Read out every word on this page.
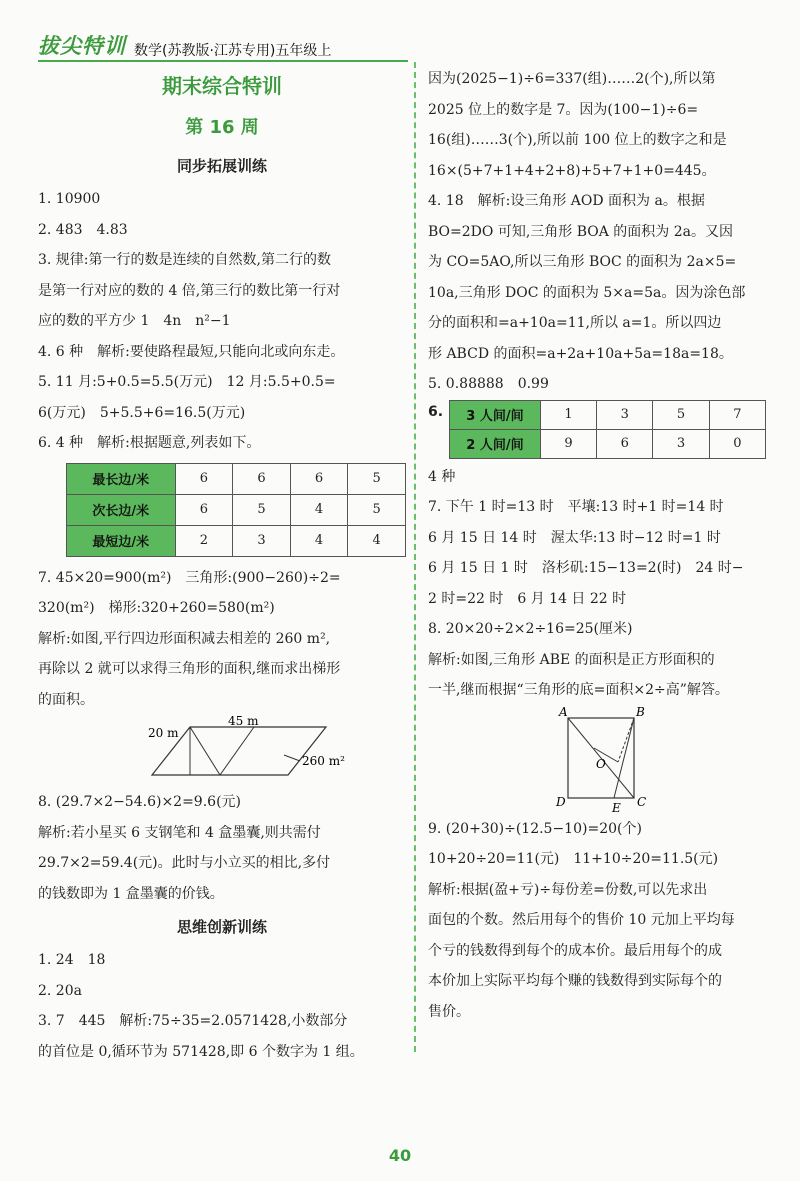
拔尖特训 数学(苏教版·江苏专用)五年级上
期末综合特训
第 16 周
同步拓展训练
1. 10900
2. 483　4.83
3. 规律:第一行的数是连续的自然数,第二行的数
是第一行对应的数的 4 倍,第三行的数比第一行对
应的数的平方少 1　4n　n²−1
4. 6 种　解析:要使路程最短,只能向北或向东走。
5. 11 月:5+0.5=5.5(万元)　12 月:5.5+0.5=
6(万元)　5+5.5+6=16.5(万元)
6. 4 种　解析:根据题意,列表如下。
最长边/米	6	6	6	5
次长边/米	6	5	4	5
最短边/米	2	3	4	4
7. 45×20=900(m²)　三角形:(900−260)÷2=
320(m²)　梯形:320+260=580(m²)
解析:如图,平行四边形面积减去相差的 260 m²,
再除以 2 就可以求得三角形的面积,继而求出梯形
的面积。
45 m
20 m
260 m²
8. (29.7×2−54.6)×2=9.6(元)
解析:若小星买 6 支钢笔和 4 盒墨囊,则共需付
29.7×2=59.4(元)。此时与小立买的相比,多付
的钱数即为 1 盒墨囊的价钱。
思维创新训练
1. 24　18
2. 20a
3. 7　445　解析:75÷35=2.0571428,小数部分
的首位是 0,循环节为 571428,即 6 个数字为 1 组。
因为(2025−1)÷6=337(组)……2(个),所以第
2025 位上的数字是 7。因为(100−1)÷6=
16(组)……3(个),所以前 100 位上的数字之和是
16×(5+7+1+4+2+8)+5+7+1+0=445。
4. 18　解析:设三角形 AOD 面积为 a。根据
BO=2DO 可知,三角形 BOA 的面积为 2a。又因
为 CO=5AO,所以三角形 BOC 的面积为 2a×5=
10a,三角形 DOC 的面积为 5×a=5a。因为涂色部
分的面积和=a+10a=11,所以 a=1。所以四边
形 ABCD 的面积=a+2a+10a+5a=18a=18。
5. 0.88888　0.99
6. 3 人间/间	1	3	5	7
2 人间/间	9	6	3	0
4 种
7. 下午 1 时=13 时　平壤:13 时+1 时=14 时
6 月 15 日 14 时　渥太华:13 时−12 时=1 时
6 月 15 日 1 时　洛杉矶:15−13=2(时)　24 时−
2 时=22 时　6 月 14 日 22 时
8. 20×20÷2×2÷16=25(厘米)
解析:如图,三角形 ABE 的面积是正方形面积的
一半,继而根据“三角形的底=面积×2÷高”解答。
A	B
C
D	E
O
9. (20+30)÷(12.5−10)=20(个)
10+20÷20=11(元)　11+10÷20=11.5(元)
解析:根据(盈+亏)÷每份差=份数,可以先求出
面包的个数。然后用每个的售价 10 元加上平均每
个亏的钱数得到每个的成本价。最后用每个的成
本价加上实际平均每个赚的钱数得到实际每个的
售价。
40
